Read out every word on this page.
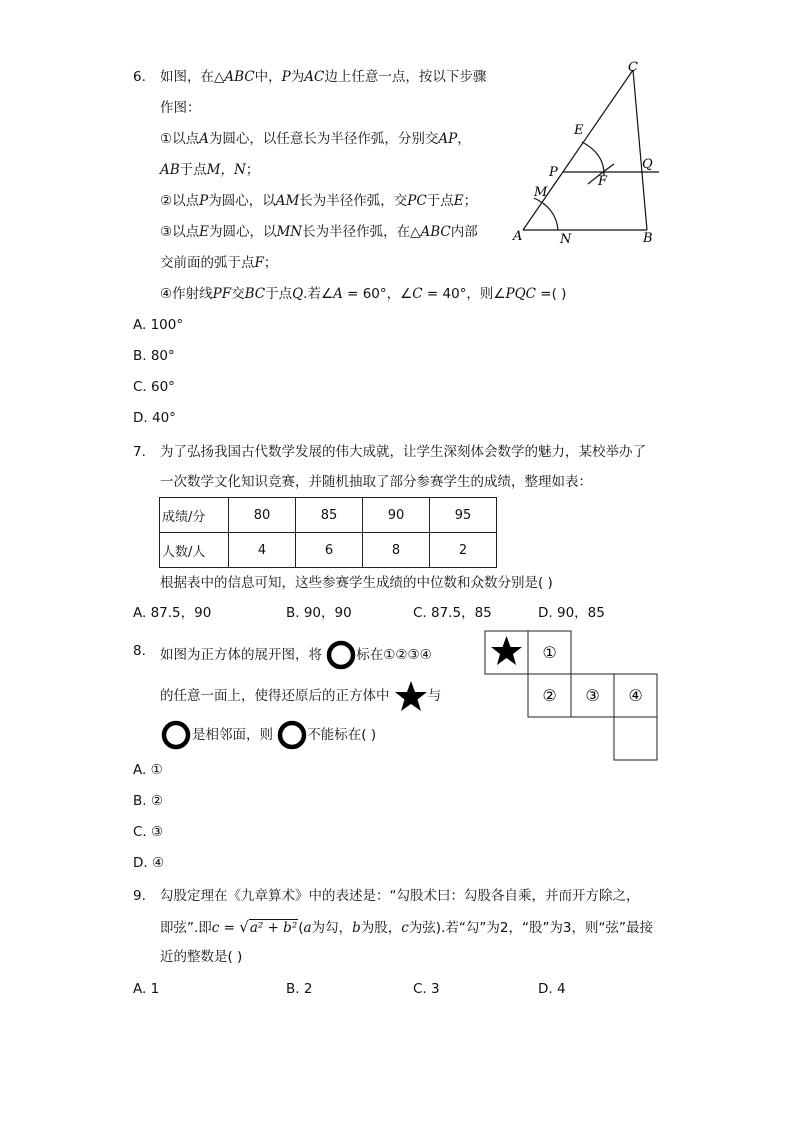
6. 如图，在△ABC中，P为AC边上任意一点，按以下步骤
作图：
①以点A为圆心，以任意长为半径作弧，分别交AP，
AB于点M，N；
②以点P为圆心，以AM长为半径作弧，交PC于点E；
③以点E为圆心，以MN长为半径作弧，在△ABC内部
交前面的弧于点F；
④作射线PF交BC于点Q.若∠A = 60°，∠C = 40°，则∠PQC =( )
A. 100°
B. 80°
C. 60°
D. 40°
A	B
C
P
Q
E
F
M
N
7. 为了弘扬我国古代数学发展的伟大成就，让学生深刻体会数学的魅力，某校举办了
一次数学文化知识竞赛，并随机抽取了部分参赛学生的成绩，整理如表：
成绩/分	80	85	90	95
人数/人	4	6	8	2
根据表中的信息可知，这些参赛学生成绩的中位数和众数分别是( )
A. 87.5，90	B. 90，90	C. 87.5，85	D. 90，85
8. 如图为正方体的展开图，将	标在①②③④
的任意一面上，使得还原后的正方体中	与
是相邻面，则	不能标在( )
①
② ③ ④
A. ①
B. ②
C. ③
D. ④
9. 勾股定理在《九章算术》中的表述是：“勾股术曰：勾股各自乘，并而开方除之，
即弦”.即c = √a² + b²(a为勾，b为股，c为弦).若“勾”为2，“股”为3，则“弦”最接
近的整数是( )
A. 1	B. 2	C. 3	D. 4
